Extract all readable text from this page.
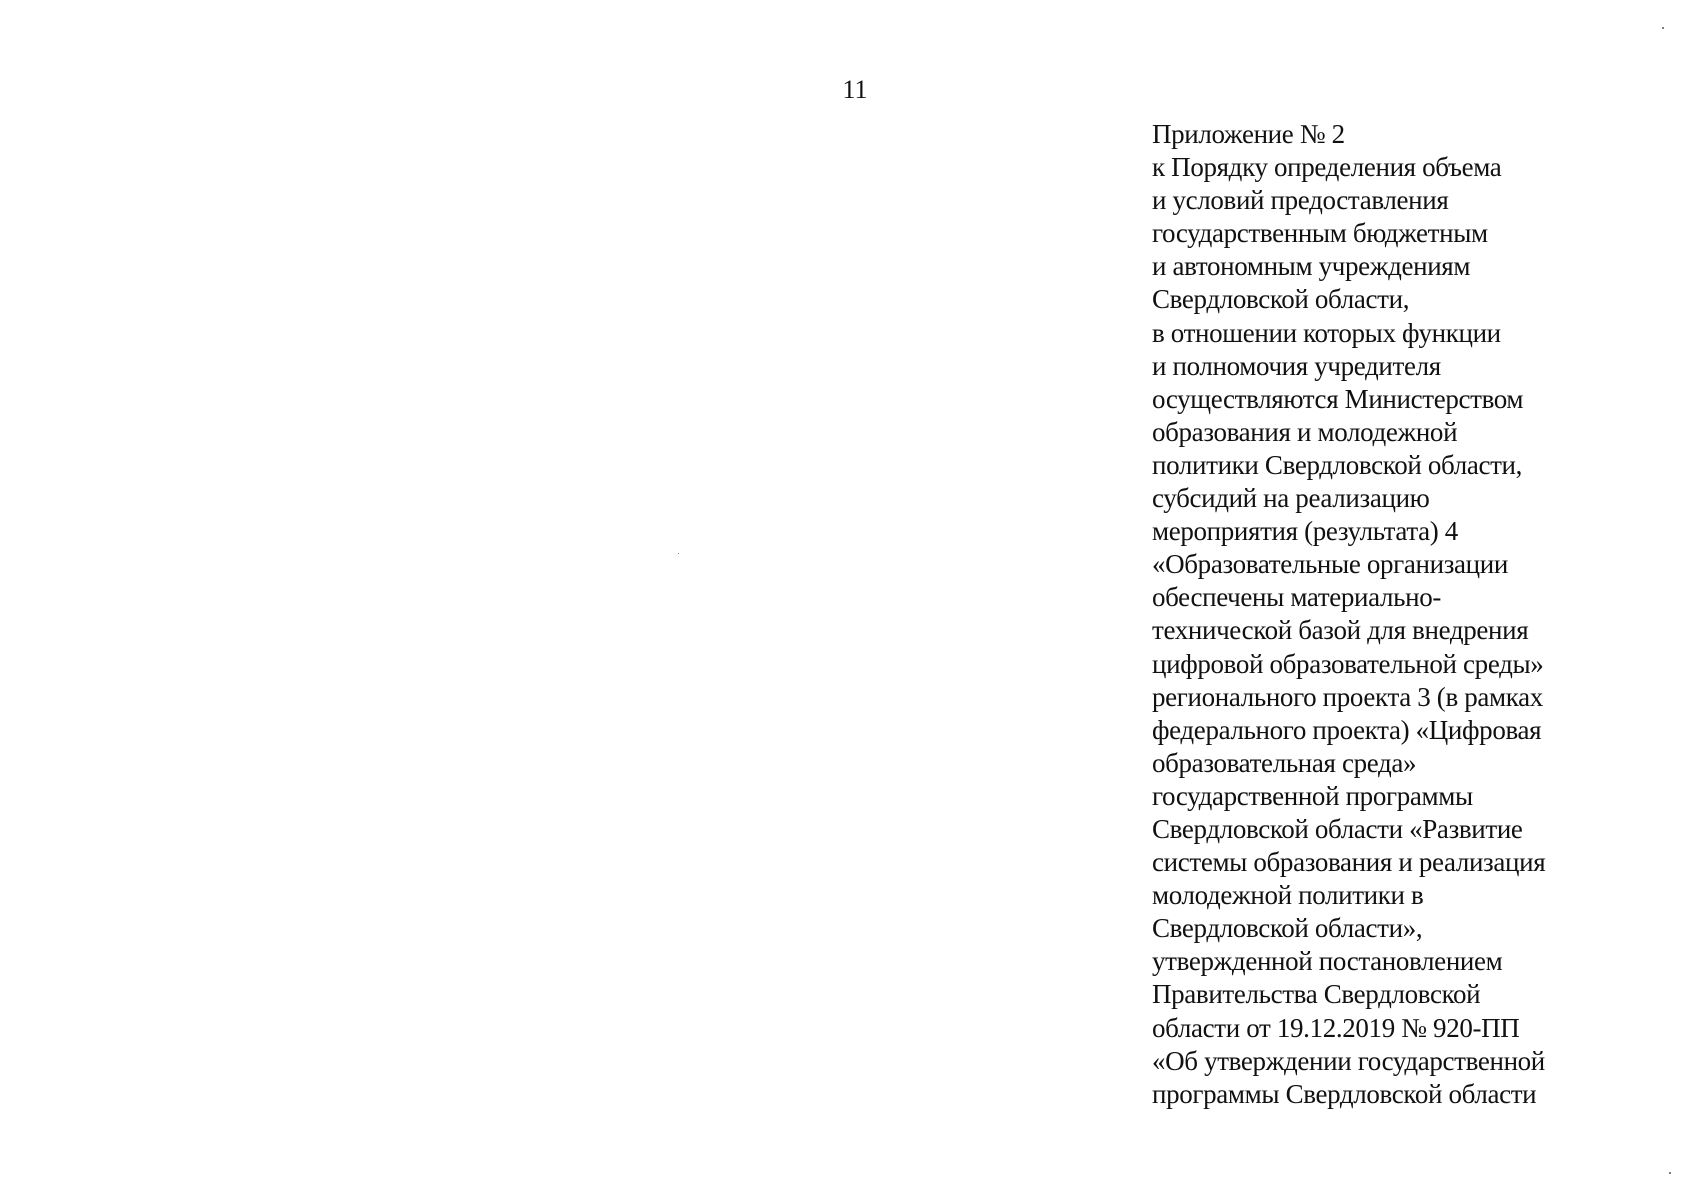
11
Приложение № 2
к Порядку определения объема
и условий предоставления
государственным бюджетным
и автономным учреждениям
Свердловской области,
в отношении которых функции
и полномочия учредителя
осуществляются Министерством
образования и молодежной
политики Свердловской области,
субсидий на реализацию
мероприятия (результата) 4
«Образовательные организации
обеспечены материально-
технической базой для внедрения
цифровой образовательной среды»
регионального проекта 3 (в рамках
федерального проекта) «Цифровая
образовательная среда»
государственной программы
Свердловской области «Развитие
системы образования и реализация
молодежной политики в
Свердловской области»,
утвержденной постановлением
Правительства Свердловской
области от 19.12.2019 № 920-ПП
«Об утверждении государственной
программы Свердловской области
